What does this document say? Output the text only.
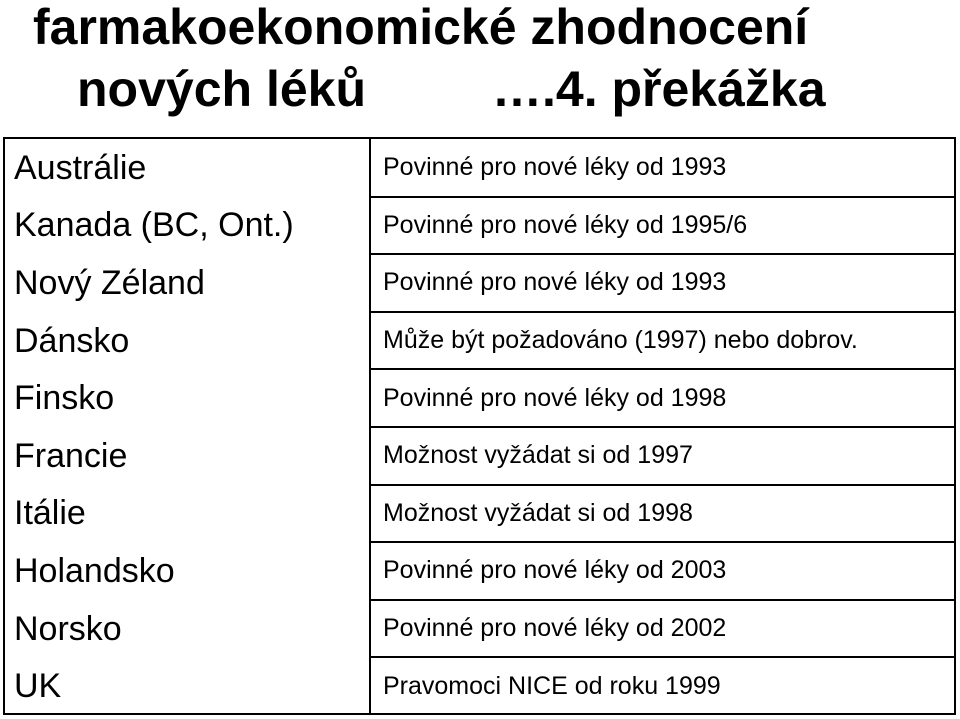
farmakoekonomické zhodnocení
nových léků	….4. překážka
Austrálie	Povinné pro nové léky od 1993
Kanada (BC, Ont.)	Povinné pro nové léky od 1995/6
Nový Zéland	Povinné pro nové léky od 1993
Dánsko	Může být požadováno (1997) nebo dobrov.
Finsko	Povinné pro nové léky od 1998
Francie	Možnost vyžádat si od 1997
Itálie	Možnost vyžádat si od 1998
Holandsko	Povinné pro nové léky od 2003
Norsko	Povinné pro nové léky od 2002
UK	Pravomoci NICE od roku 1999
